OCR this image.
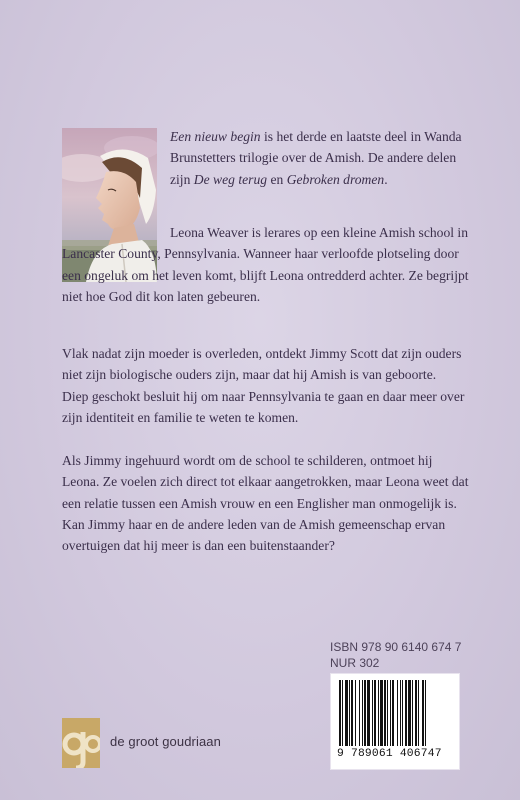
Een nieuw begin is het derde en laatste deel in Wanda Brunstetters trilogie over de Amish. De andere delen zijn De weg terug en Gebroken dromen.

Leona Weaver is lerares op een kleine Amish school in Lancaster County, Pennsylvania. Wanneer haar verloofde plotseling door een ongeluk om het leven komt, blijft Leona ontredderd achter. Ze begrijpt niet hoe God dit kon laten gebeuren.

Vlak nadat zijn moeder is overleden, ontdekt Jimmy Scott dat zijn ouders niet zijn biologische ouders zijn, maar dat hij Amish is van geboorte.

Diep geschokt besluit hij om naar Pennsylvania te gaan en daar meer over zijn identiteit en familie te weten te komen.

Als Jimmy ingehuurd wordt om de school te schilderen, ontmoet hij Leona. Ze voelen zich direct tot elkaar aangetrokken, maar Leona weet dat een relatie tussen een Amish vrouw en een Englisher man onmogelijk is. Kan Jimmy haar en de andere leden van de Amish gemeenschap ervan overtuigen dat hij meer is dan een buitenstaander?

ISBN 978 90 6140 674 7

NUR 302

9 789061 406747

de groot goudriaan
